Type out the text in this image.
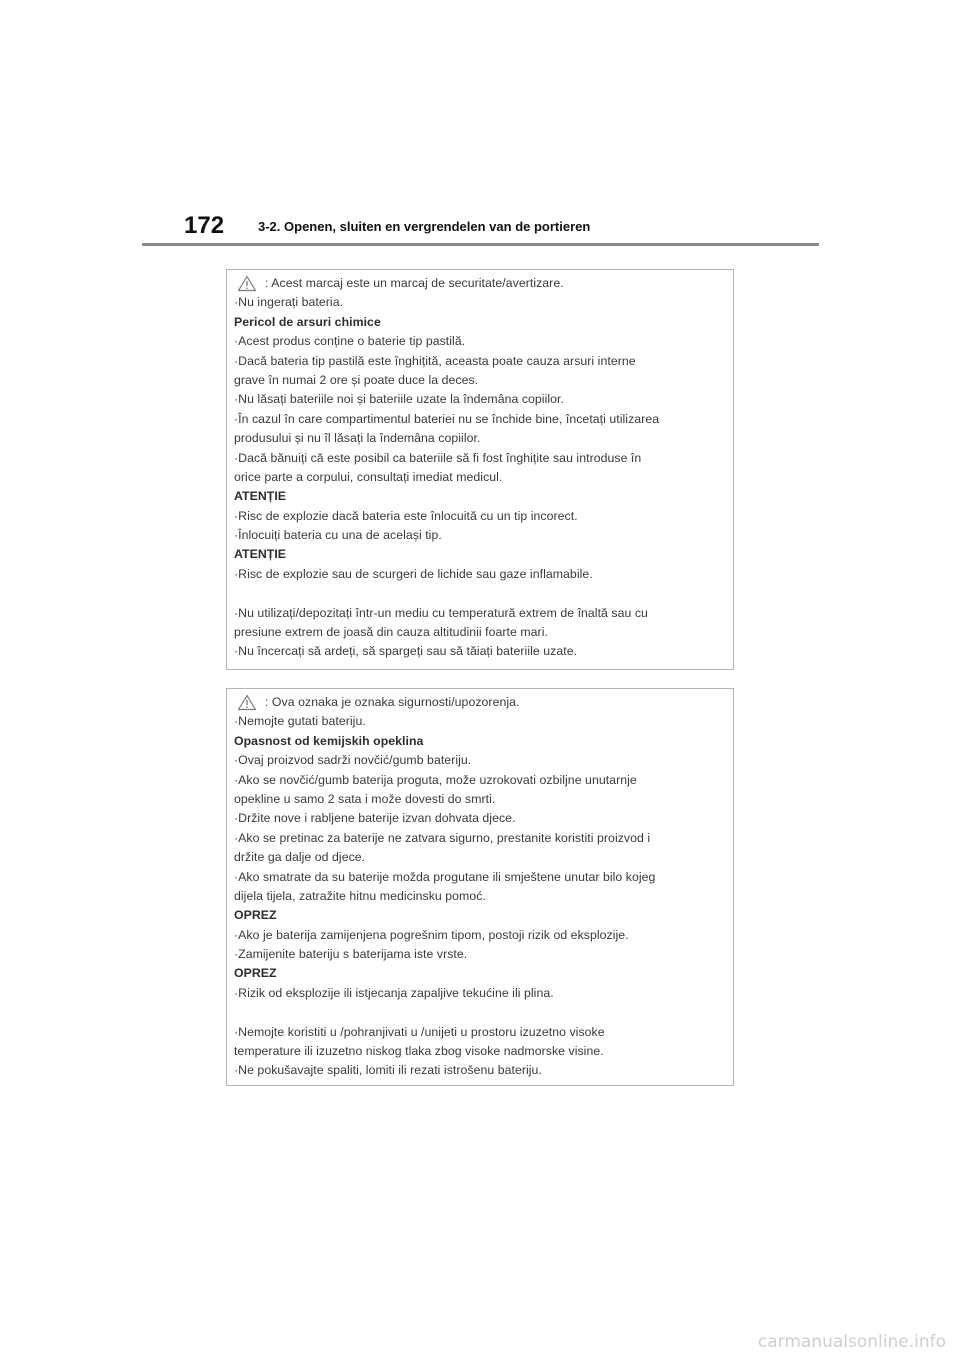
172	3-2. Openen, sluiten en vergrendelen van de portieren
: Acest marcaj este un marcaj de securitate/avertizare.
·Nu ingerați bateria.
Pericol de arsuri chimice
·Acest produs conține o baterie tip pastilă.
·Dacă bateria tip pastilă este înghițită, aceasta poate cauza arsuri interne
grave în numai 2 ore și poate duce la deces.
·Nu lăsați bateriile noi și bateriile uzate la îndemâna copiilor.
·În cazul în care compartimentul bateriei nu se închide bine, încetați utilizarea
produsului și nu îl lăsați la îndemâna copiilor.
·Dacă bănuiți că este posibil ca bateriile să fi fost înghițite sau introduse în
orice parte a corpului, consultați imediat medicul.
ATENȚIE
·Risc de explozie dacă bateria este înlocuită cu un tip incorect.
·Înlocuiți bateria cu una de același tip.
ATENȚIE
·Risc de explozie sau de scurgeri de lichide sau gaze inflamabile.
·Nu utilizați/depozitați într-un mediu cu temperatură extrem de înaltă sau cu
presiune extrem de joasă din cauza altitudinii foarte mari.
·Nu încercați să ardeți, să spargeți sau să tăiați bateriile uzate.
: Ova oznaka je oznaka sigurnosti/upozorenja.
·Nemojte gutati bateriju.
Opasnost od kemijskih opeklina
·Ovaj proizvod sadrži novčić/gumb bateriju.
·Ako se novčić/gumb baterija proguta, može uzrokovati ozbiljne unutarnje
opekline u samo 2 sata i može dovesti do smrti.
·Držite nove i rabljene baterije izvan dohvata djece.
·Ako se pretinac za baterije ne zatvara sigurno, prestanite koristiti proizvod i
držite ga dalje od djece.
·Ako smatrate da su baterije možda progutane ili smještene unutar bilo kojeg
dijela tijela, zatražite hitnu medicinsku pomoć.
OPREZ
·Ako je baterija zamijenjena pogrešnim tipom, postoji rizik od eksplozije.
·Zamijenite bateriju s baterijama iste vrste.
OPREZ
·Rizik od eksplozije ili istjecanja zapaljive tekućine ili plina.
·Nemojte koristiti u /pohranjivati u /unijeti u prostoru izuzetno visoke
temperature ili izuzetno niskog tlaka zbog visoke nadmorske visine.
·Ne pokušavajte spaliti, lomiti ili rezati istrošenu bateriju.
carmanualsonline.info
